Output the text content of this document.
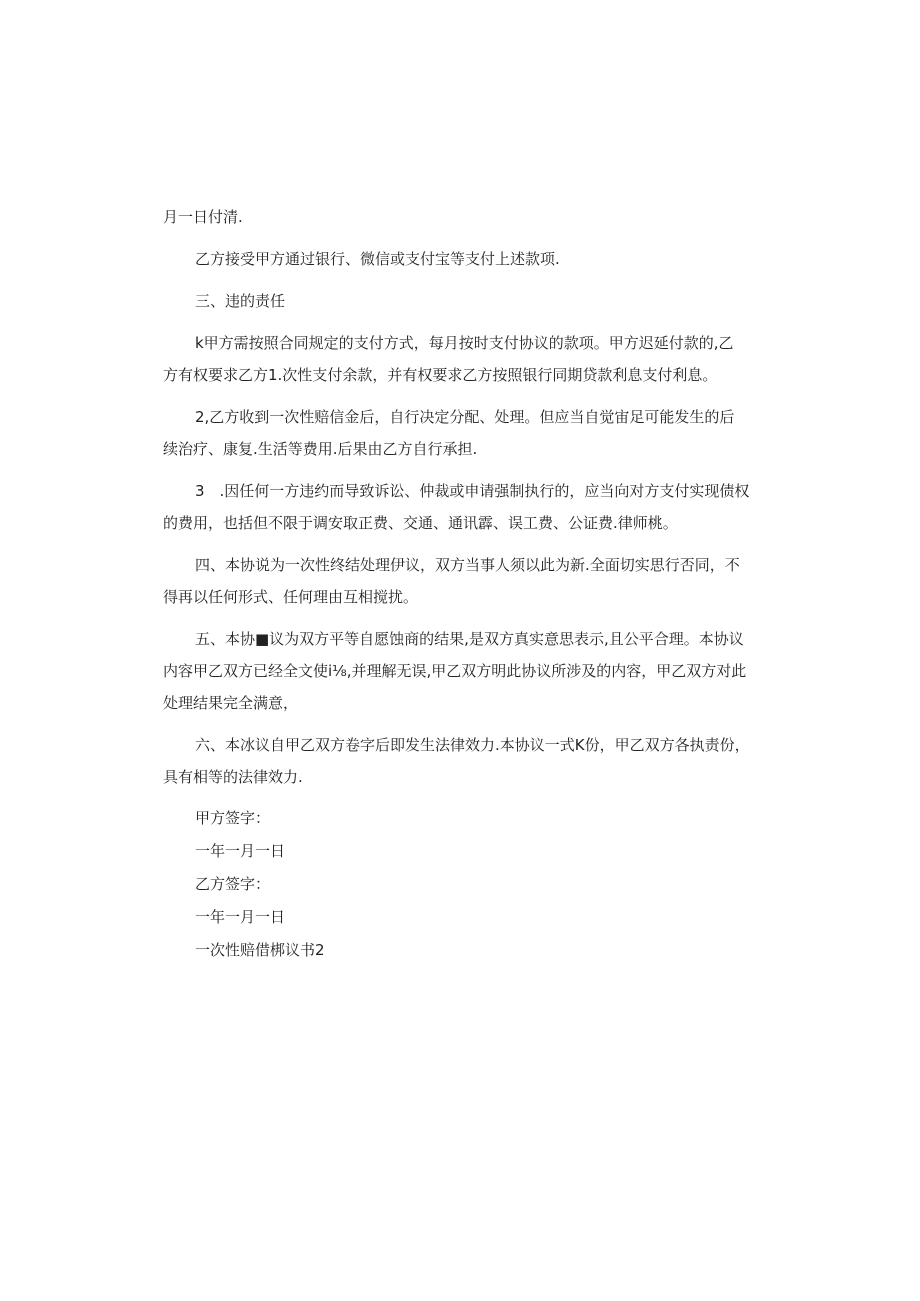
月一日付清.

乙方接受甲方通过银行、微信或支付宝等支付上述款项.

三、违的责任

k甲方需按照合同规定的支付方式，每月按时支付协议的款项。甲方迟延付款的,乙
方有权要求乙方1.次性支付余款，并有权要求乙方按照银行同期贷款利息支付利息。

2,乙方收到一次性赔信金后，自行决定分配、处理。但应当自觉宙足可能发生的后
续治疗、康复.生活等费用.后果由乙方自行承担.

3　.因任何一方违约而导致诉讼、仲裁或申请强制执行的，应当向对方支付实现债权
的费用，也括但不限于调安取正费、交通、通讯霹、误工费、公证费.律师桃。

四、本协说为一次性终结处理伊议，双方当事人须以此为新.全面切实思行否同，不
得再以任何形式、任何理由互相搅扰。

五、本协■议为双方平等自愿蚀商的结果,是双方真实意思表示,且公平合理。本协议
内容甲乙双方已经全文使i⅛,并理解无误,甲乙双方明此协议所涉及的内容，甲乙双方对此
处理结果完全满意，

六、本冰议自甲乙双方卷字后即发生法律效力.本协议一式K份，甲乙双方各执责份，
具有相等的法律效力.

甲方签字：
一年一月一日
乙方签字：
一年一月一日
一次性赔借梆议书2
